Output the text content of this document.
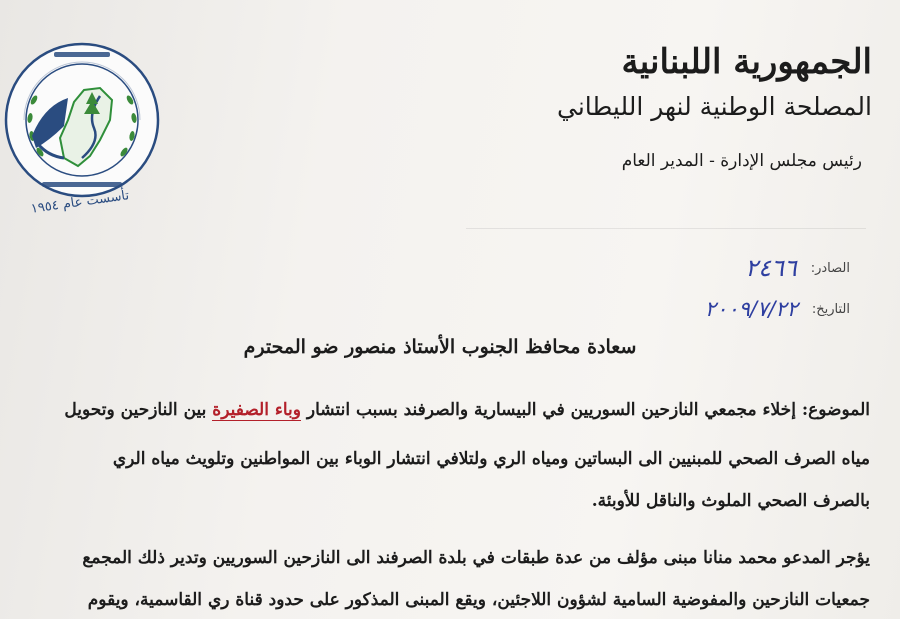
تأسست عام ١٩٥٤
الجمهورية اللبنانية
المصلحة الوطنية لنهر الليطاني
رئيس مجلس الإدارة - المدير العام
الصادر:
٢٤٦٦
التاريخ:
٢٠٠٩/٧/٢٢
سعادة محافظ الجنوب الأستاذ منصور ضو المحترم
الموضوع: إخلاء مجمعي النازحين السوريين في البيسارية والصرفند بسبب انتشار وباء الصفيرة بين النازحين وتحويل
مياه الصرف الصحي للمبنيين الى البساتين ومياه الري ولتلافي انتشار الوباء بين المواطنين وتلويث مياه الري
بالصرف الصحي الملوث والناقل للأوبئة.
يؤجر المدعو محمد منانا مبنى مؤلف من عدة طبقات في بلدة الصرفند الى النازحين السوريين وتدير ذلك المجمع
جمعيات النازحين والمفوضية السامية لشؤون اللاجئين، ويقع المبنى المذكور على حدود قناة ري القاسمية، ويقوم
